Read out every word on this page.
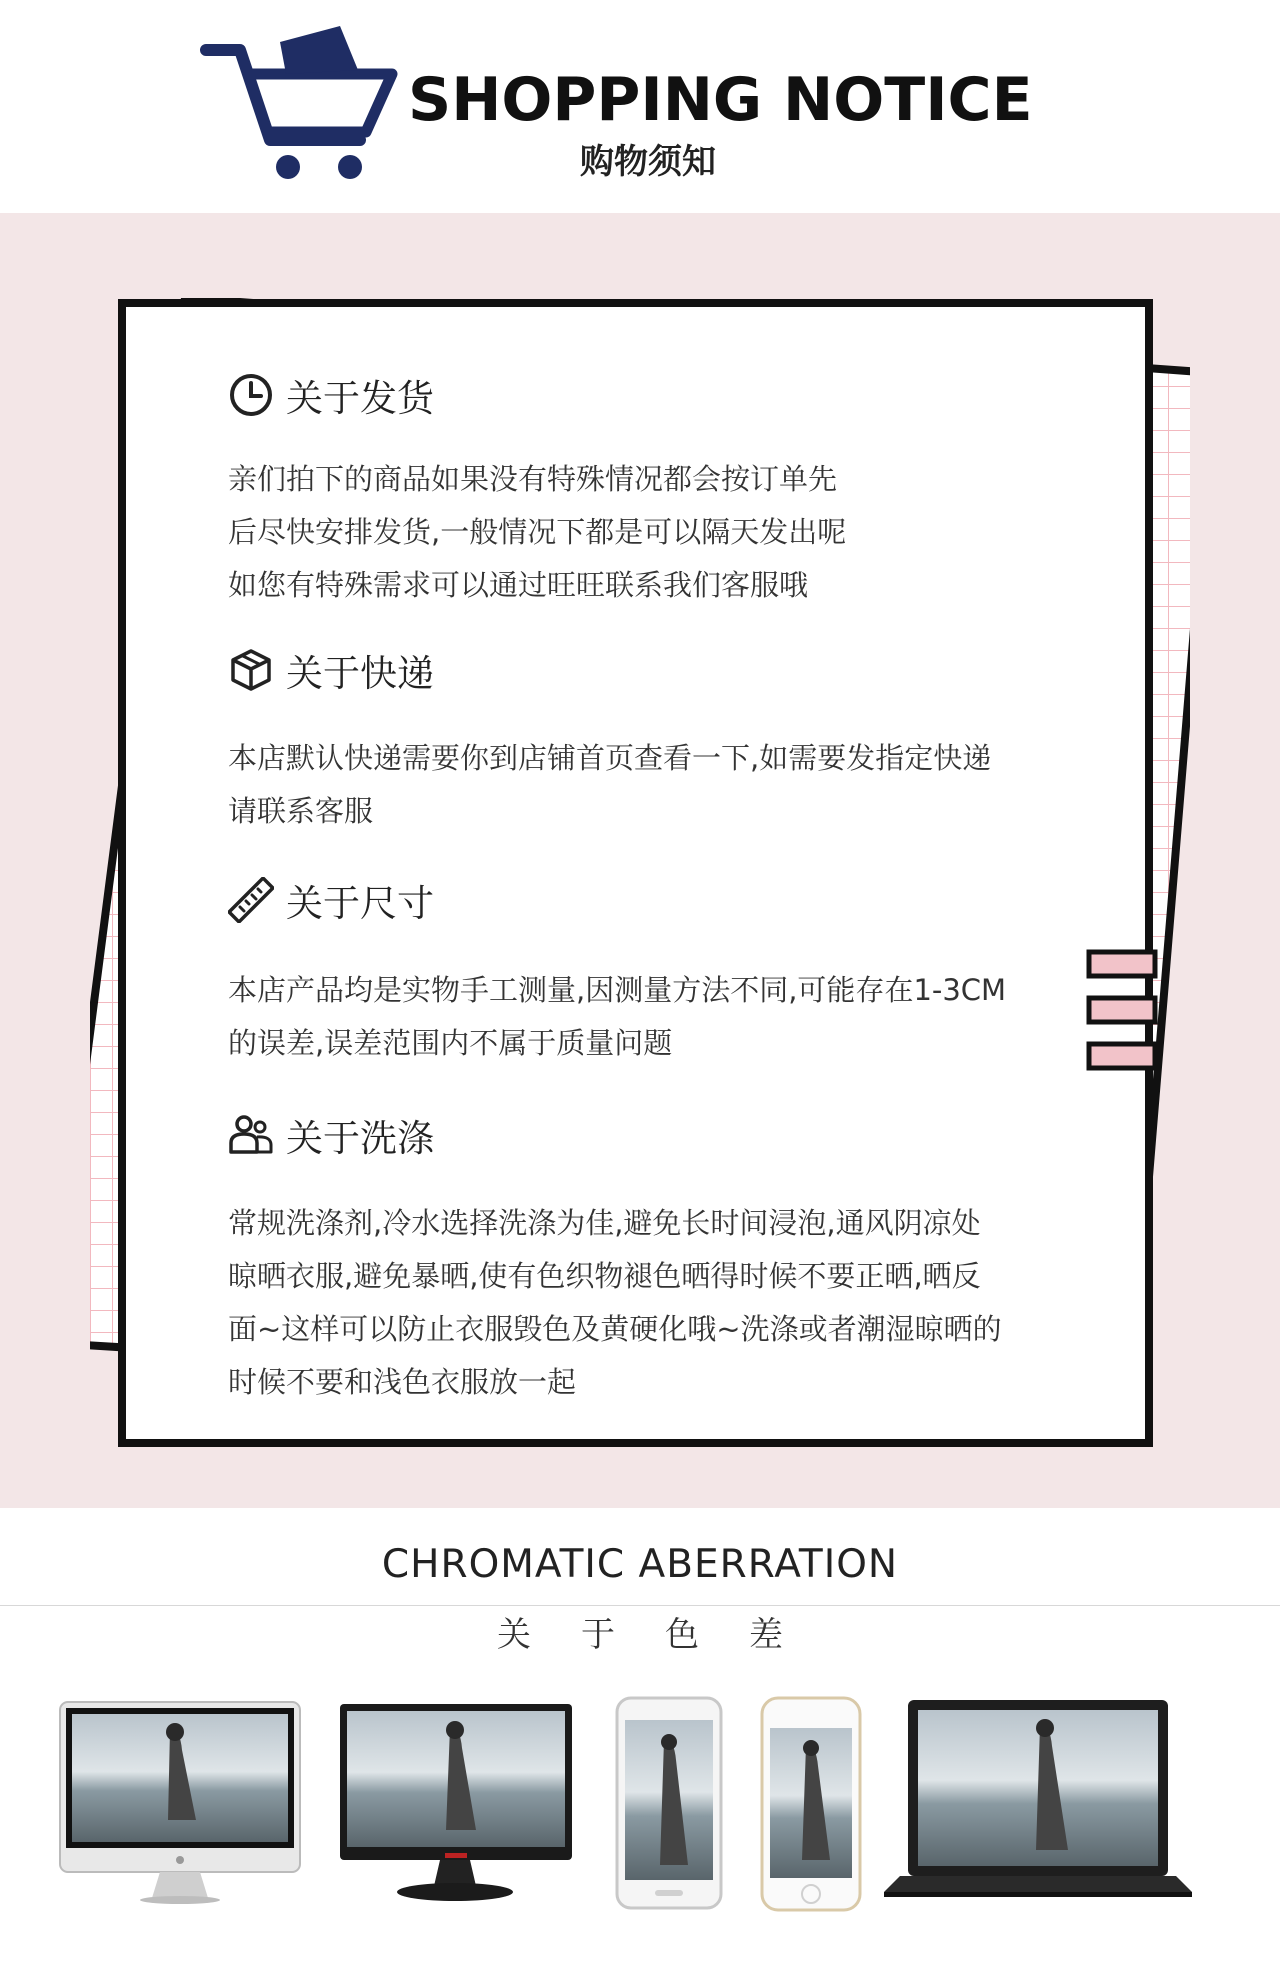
SHOPPING NOTICE
购物须知
关于发货
亲们拍下的商品如果没有特殊情况都会按订单先
后尽快安排发货,一般情况下都是可以隔天发出呢
如您有特殊需求可以通过旺旺联系我们客服哦
关于快递
本店默认快递需要你到店铺首页查看一下,如需要发指定快递
请联系客服
关于尺寸
本店产品均是实物手工测量,因测量方法不同,可能存在1-3CM
的误差,误差范围内不属于质量问题
关于洗涤
常规洗涤剂,冷水选择洗涤为佳,避免长时间浸泡,通风阴凉处
晾晒衣服,避免暴晒,使有色织物褪色晒得时候不要正晒,晒反
面~这样可以防止衣服毁色及黄硬化哦~洗涤或者潮湿晾晒的
时候不要和浅色衣服放一起
CHROMATIC ABERRATION
关于色差
